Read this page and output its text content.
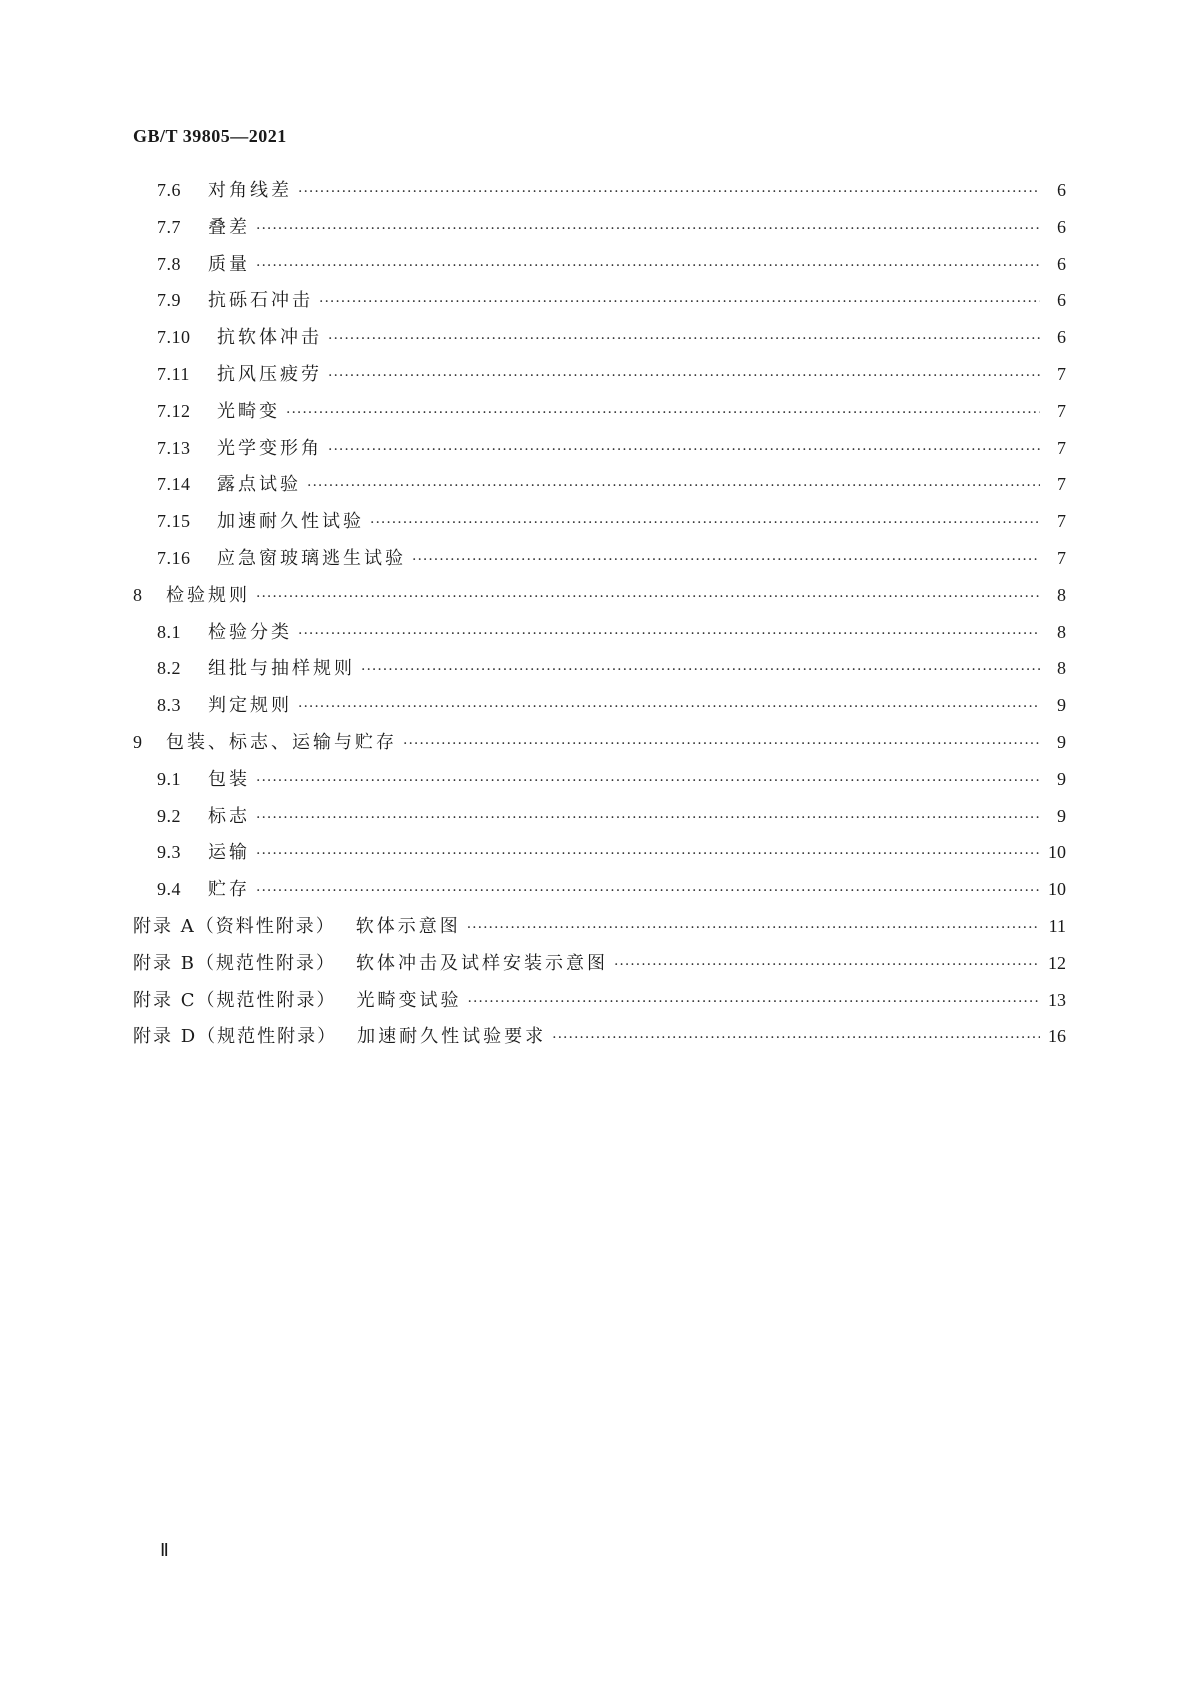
GB/T 39805—2021
7.6	对角线差 ·····	6
7.7	叠差 ·····	6
7.8	质量 ·····	6
7.9	抗砾石冲击 ·····	6
7.10	抗软体冲击 ·····	6
7.11	抗风压疲劳 ·····	7
7.12	光畸变 ·····	7
7.13	光学变形角 ·····	7
7.14	露点试验 ·····	7
7.15	加速耐久性试验 ·····	7
7.16	应急窗玻璃逃生试验 ·····	7
8	检验规则 ·····	8
8.1	检验分类 ·····	8
8.2	组批与抽样规则 ·····	8
8.3	判定规则 ·····	9
9	包装、标志、运输与贮存 ·····	9
9.1	包装 ·····	9
9.2	标志 ·····	9
9.3	运输 ·····	10
9.4	贮存 ·····	10
附录 A（资料性附录） 软体示意图 ·····	11
附录 B（规范性附录） 软体冲击及试样安装示意图 ·····	12
附录 C（规范性附录） 光畸变试验 ·····	13
附录 D（规范性附录） 加速耐久性试验要求 ·····	16
Ⅱ
